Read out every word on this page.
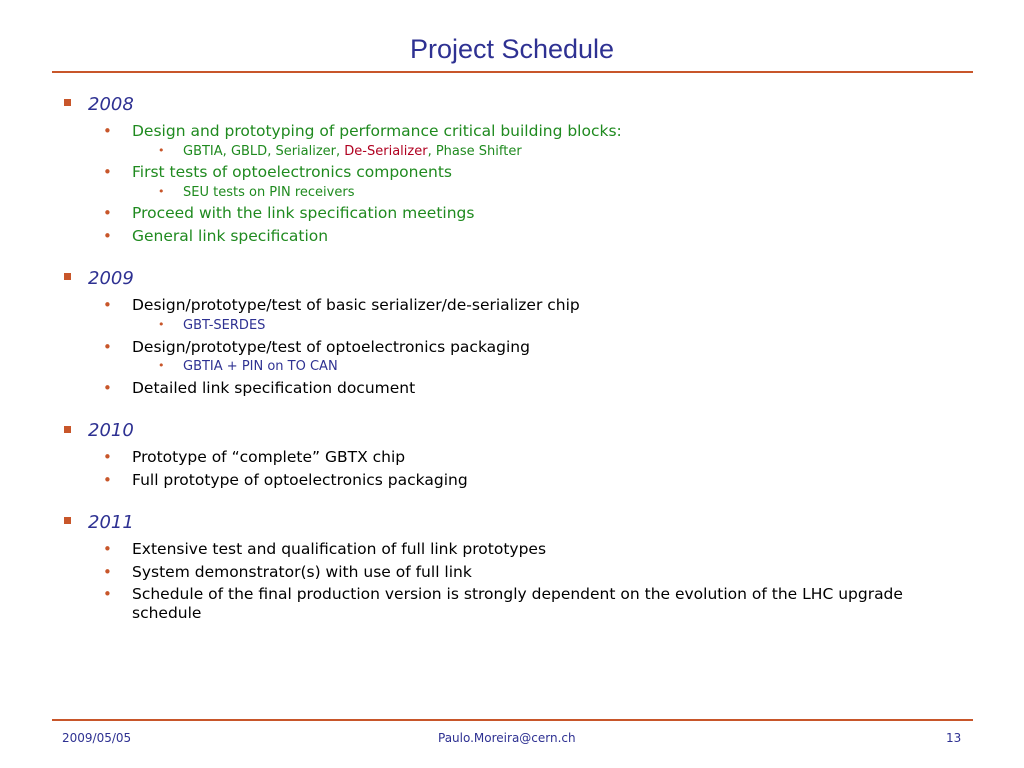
Project Schedule
2008
• Design and prototyping of performance critical building blocks:
• GBTIA, GBLD, Serializer, De-Serializer, Phase Shifter
• First tests of optoelectronics components
• SEU tests on PIN receivers
• Proceed with the link specification meetings
• General link specification
2009
• Design/prototype/test of basic serializer/de-serializer chip
• GBT-SERDES
• Design/prototype/test of optoelectronics packaging
• GBTIA + PIN on TO CAN
• Detailed link specification document
2010
• Prototype of “complete” GBTX chip
• Full prototype of optoelectronics packaging
2011
• Extensive test and qualification of full link prototypes
• System demonstrator(s) with use of full link
• Schedule of the final production version is strongly dependent on the evolution of the LHC upgrade schedule
2009/05/05	Paulo.Moreira@cern.ch	13
